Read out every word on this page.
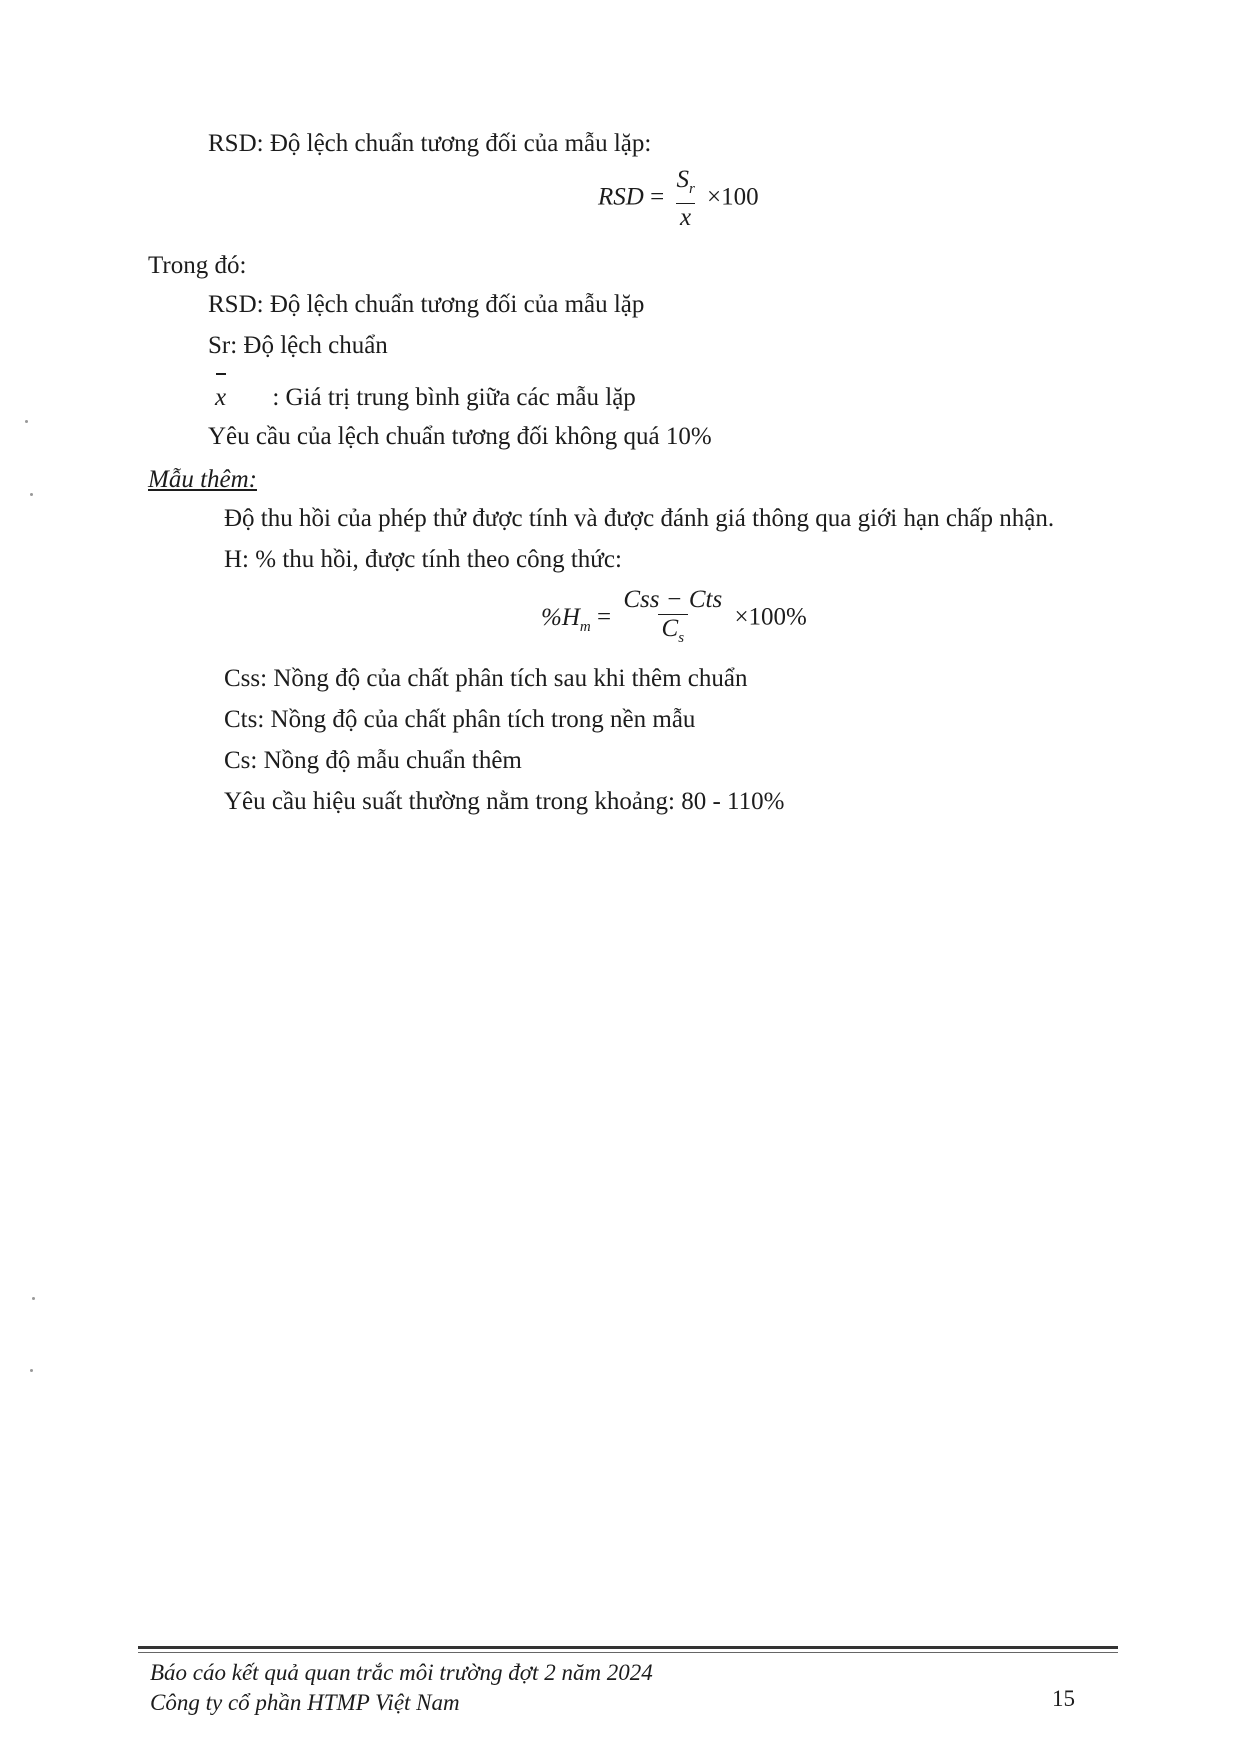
RSD: Độ lệch chuẩn tương đối của mẫu lặp:
RSD = $\frac{S_r}{x} \times 100$
Trong đó:
RSD: Độ lệch chuẩn tương đối của mẫu lặp
Sr: Độ lệch chuẩn
x : Giá trị trung bình giữa các mẫu lặp
Yêu cầu của lệch chuẩn tương đối không quá 10%
Mẫu thêm:
Độ thu hồi của phép thử được tính và được đánh giá thông qua giới hạn chấp nhận.
H: % thu hồi, được tính theo công thức:
$\%H_m = \frac{\text{Css − Cts}}{C_s} \times 100\%$
Css: Nồng độ của chất phân tích sau khi thêm chuẩn
Cts: Nồng độ của chất phân tích trong nền mẫu
Cs: Nồng độ mẫu chuẩn thêm
Yêu cầu hiệu suất thường nằm trong khoảng: 80 - 110%
Báo cáo kết quả quan trắc môi trường đợt 2 năm 2024
Công ty cổ phần HTMP Việt Nam	15
